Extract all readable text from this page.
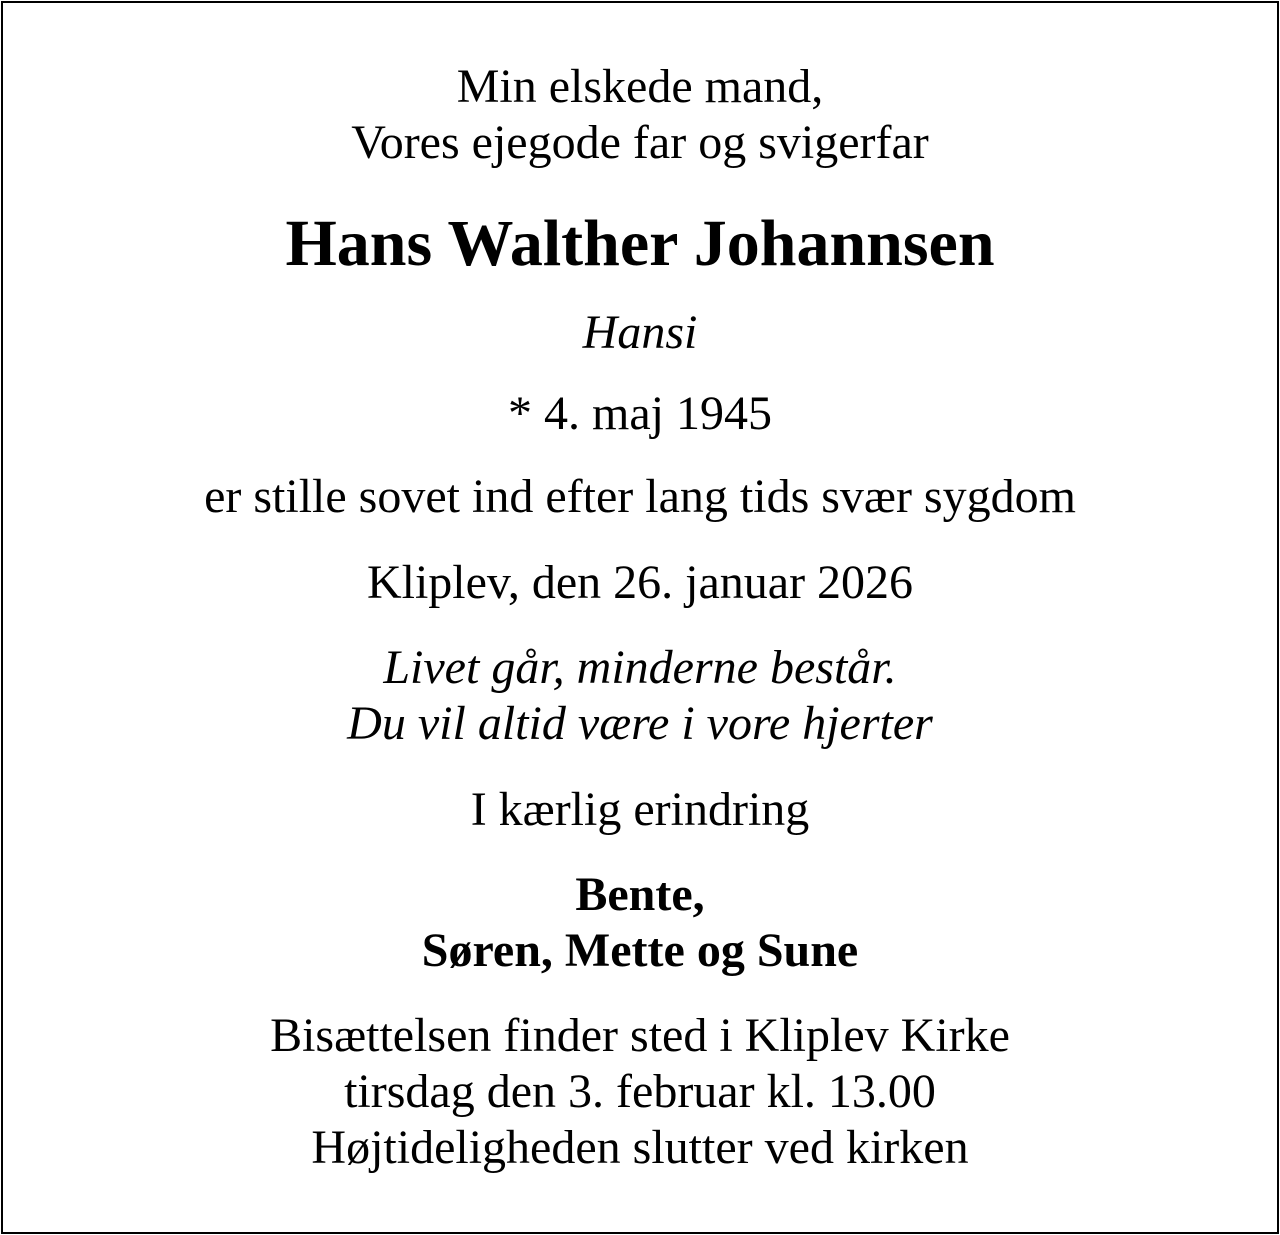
Min elskede mand,
Vores ejegode far og svigerfar
Hans Walther Johannsen
Hansi
* 4. maj 1945
er stille sovet ind efter lang tids svær sygdom
Kliplev, den 26. januar 2026
Livet går, minderne består.
Du vil altid være i vore hjerter
I kærlig erindring
Bente,
Søren, Mette og Sune
Bisættelsen finder sted i Kliplev Kirke
tirsdag den 3. februar kl. 13.00
Højtideligheden slutter ved kirken
